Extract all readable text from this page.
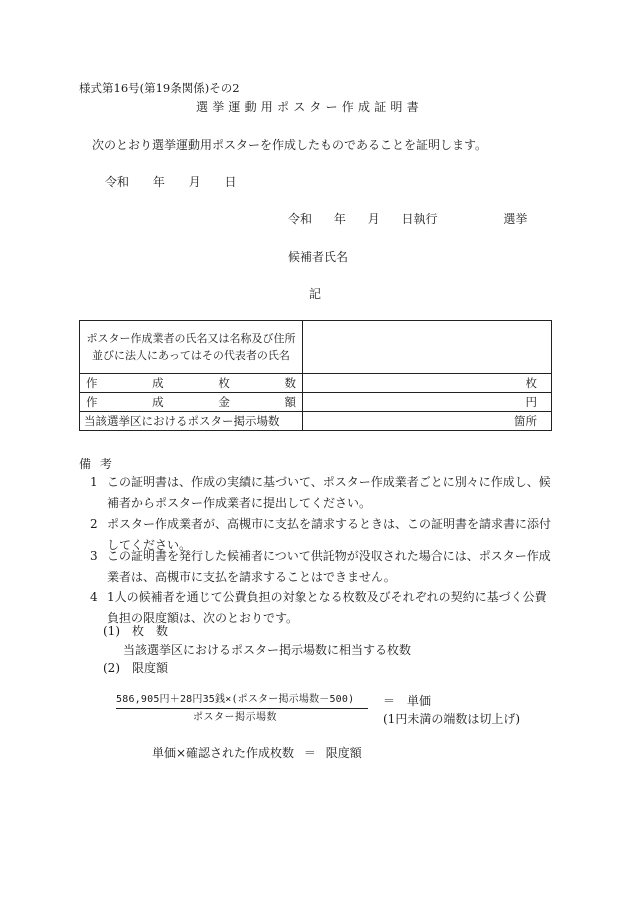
様式第16号(第19条関係)その2
選挙運動用ポスター作成証明書
次のとおり選挙運動用ポスターを作成したものであることを証明します。
令和 年 月 日
令和 年 月 日執行	選挙
候補者氏名
記
ポスター作成業者の氏名又は名称及び住所
並びに法人にあってはその代表者の氏名	

作 成 枚 数	枚

作 成 金 額	円
当該選挙区におけるポスター掲示場数	箇所
備考
1 この証明書は、作成の実績に基づいて、ポスター作成業者ごとに別々に作成し、候補者からポスター作成業者に提出してください。
2 ポスター作成業者が、高槻市に支払を請求するときは、この証明書を請求書に添付してください。
3 この証明書を発行した候補者について供託物が没収された場合には、ポスター作成業者は、高槻市に支払を請求することはできません。
4 1人の候補者を通じて公費負担の対象となる枚数及びそれぞれの契約に基づく公費負担の限度額は、次のとおりです。
(1)　枚　数
当該選挙区におけるポスター掲示場数に相当する枚数
(2)　限度額
586,905円＋28円35銭×(ポスター掲示場数－500)
ポスター掲示場数
＝ 単価
(1円未満の端数は切上げ)
単価×確認された作成枚数 ＝ 限度額
